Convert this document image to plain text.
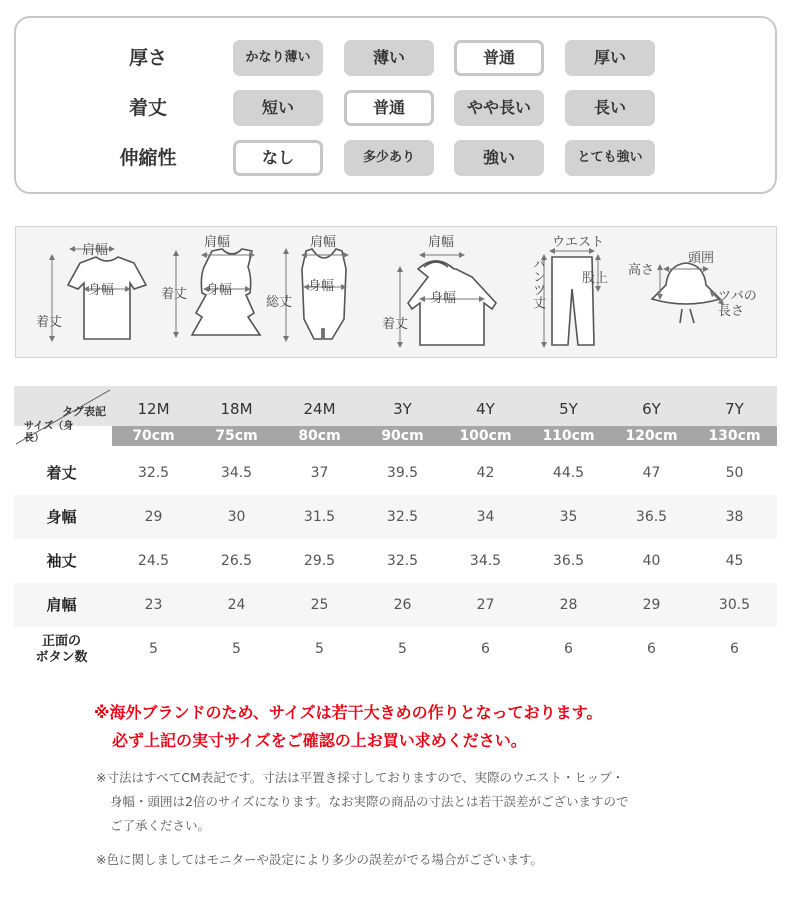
厚さ	かなり薄い	薄い	普通	厚い
着丈	短い	普通	やや長い	長い
伸縮性	なし	多少あり	強い	とても強い
肩幅
身幅
着丈
肩幅
身幅
着丈
肩幅
身幅
総丈
肩幅
身幅
着丈
ウエスト
パンツ丈	股上
高さ
頭囲
ツバの長さ
タグ表記
サイズ（身長）
12M	18M	24M	3Y	4Y	5Y	6Y	7Y
70cm	75cm	80cm	90cm	100cm	110cm	120cm	130cm
着丈	32.5	34.5	37	39.5	42	44.5	47	50
身幅	29	30	31.5	32.5	34	35	36.5	38
袖丈	24.5	26.5	29.5	32.5	34.5	36.5	40	45
肩幅	23	24	25	26	27	28	29	30.5
正面の
ボタン数
5	5	5	5	6	6	6	6
※海外ブランドのため、サイズは若干大きめの作りとなっております。
必ず上記の実寸サイズをご確認の上お買い求めください。
※寸法はすべてCM表記です。寸法は平置き採寸しておりますので、実際のウエスト・ヒップ・
身幅・頭囲は2倍のサイズになります。なお実際の商品の寸法とは若干誤差がございますので
ご了承ください。
※色に関しましてはモニターや設定により多少の誤差がでる場合がございます。
